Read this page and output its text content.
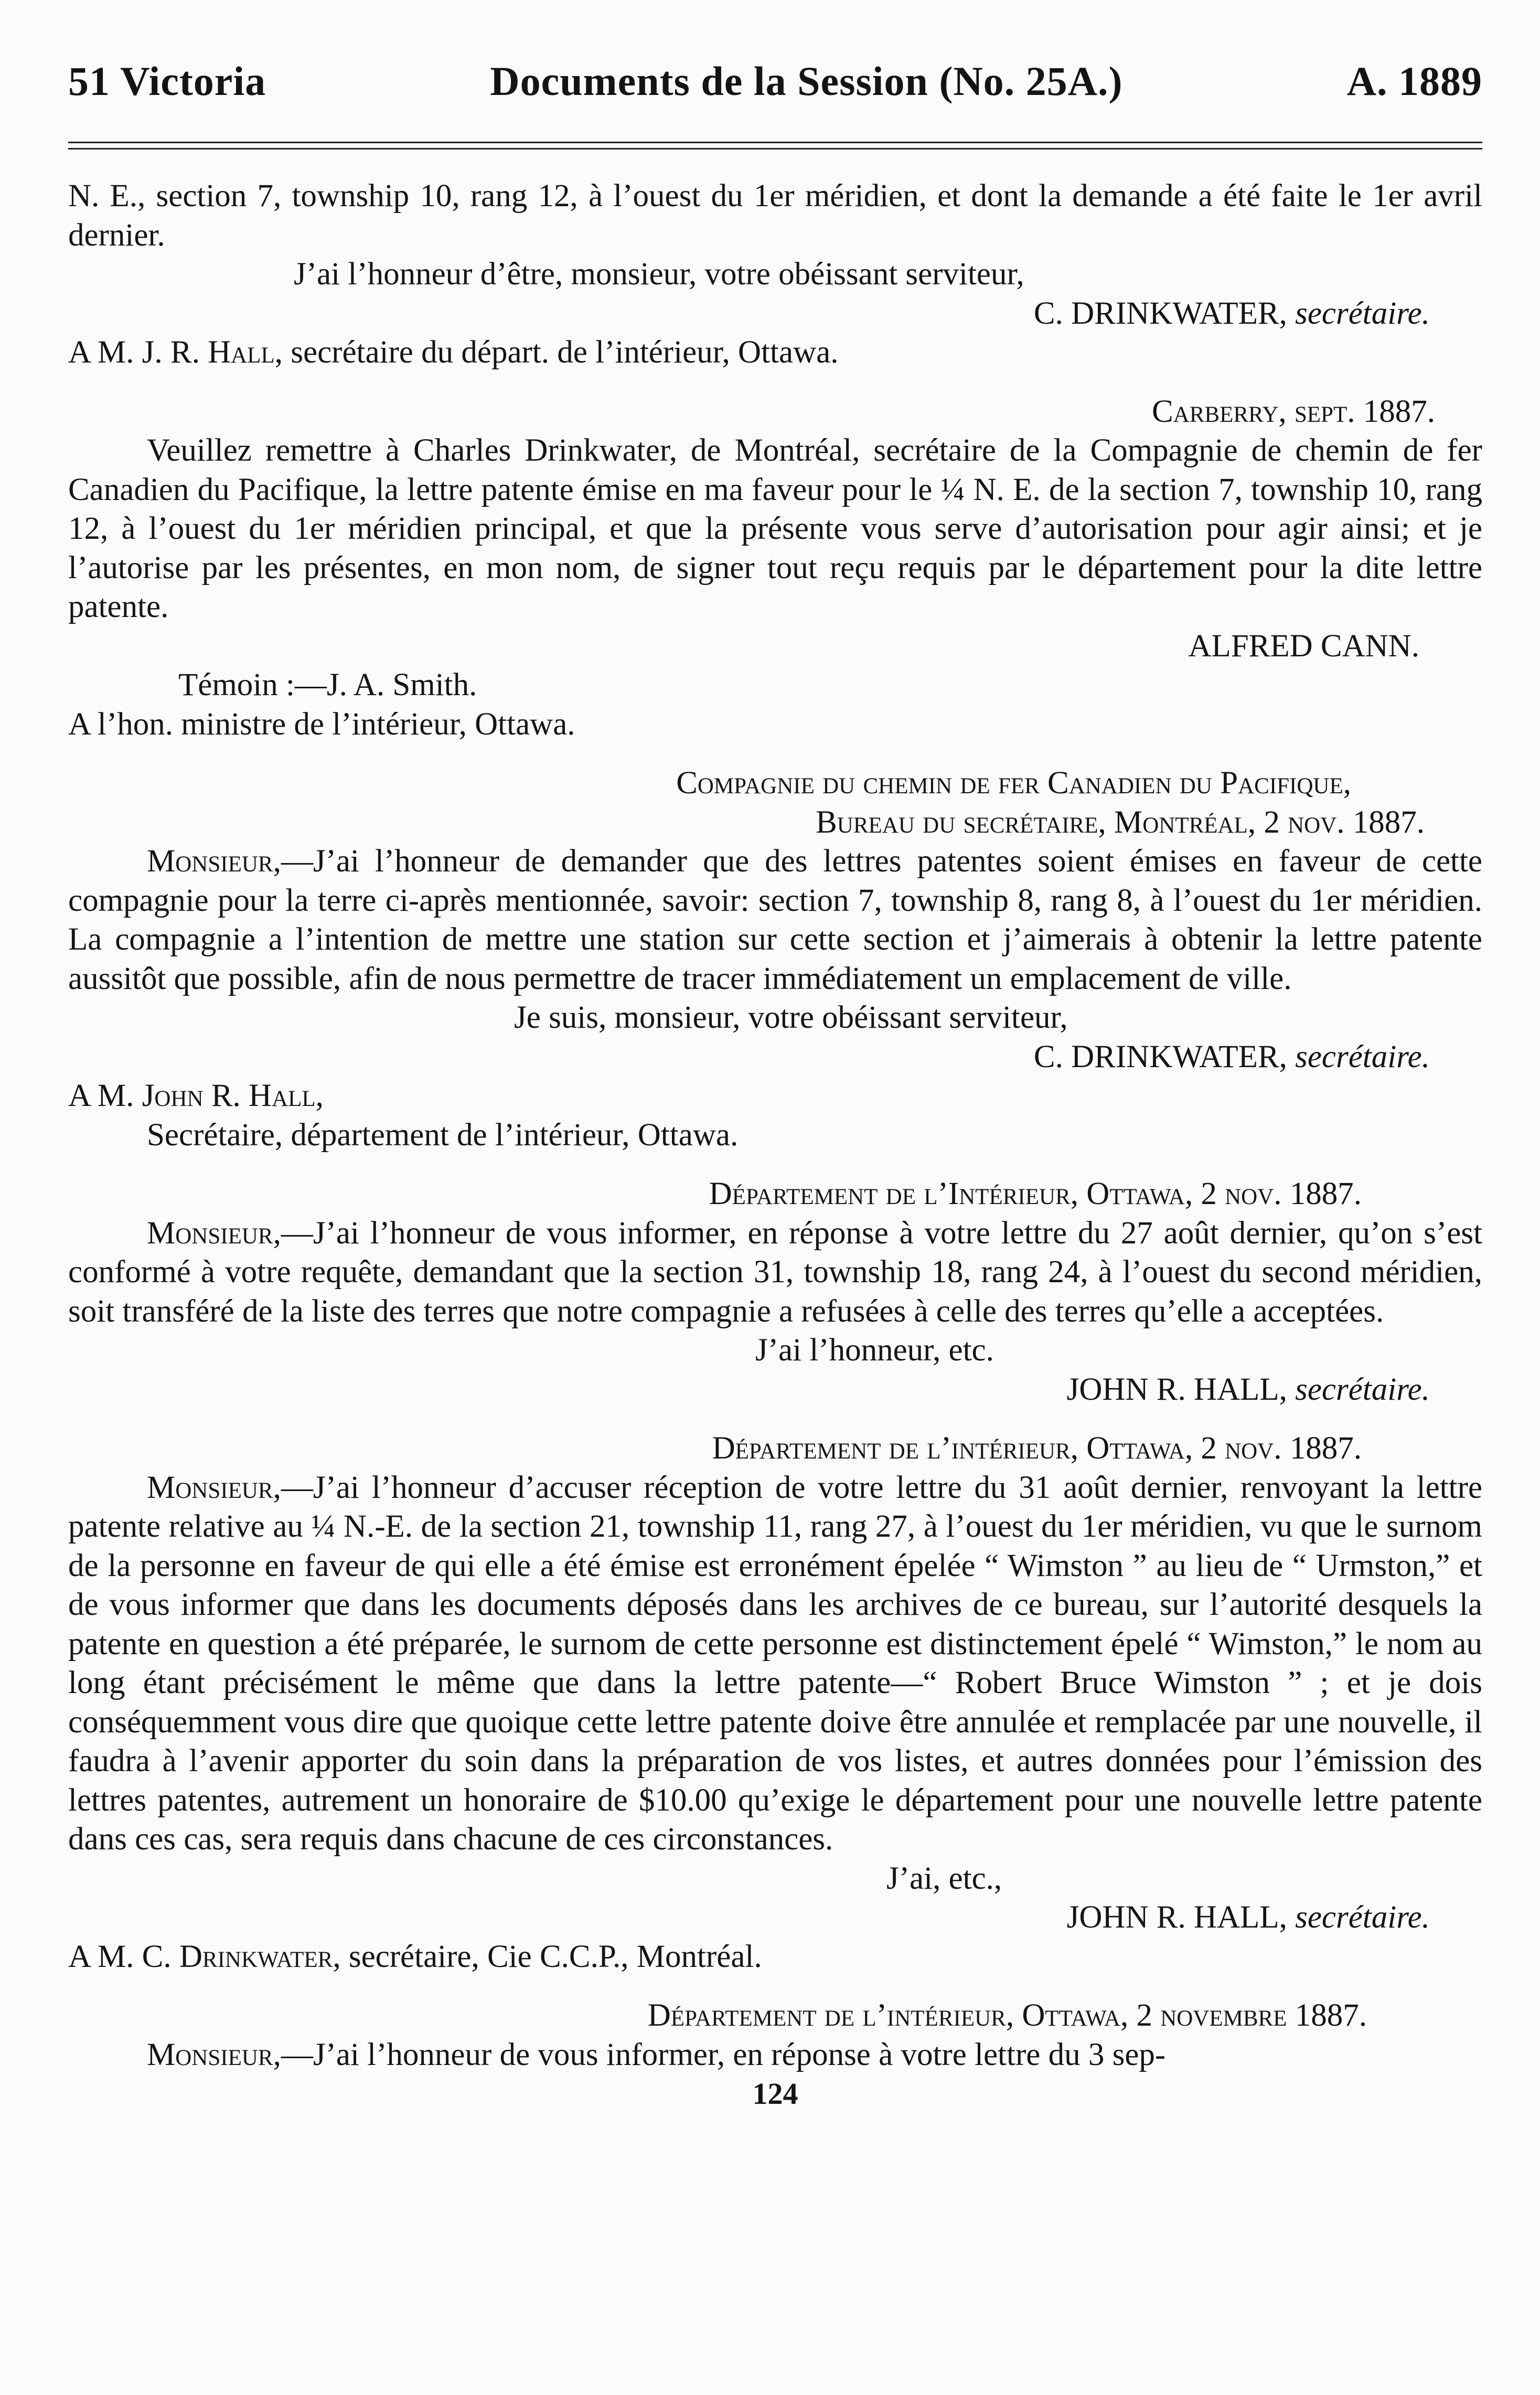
51 Victoria	Documents de la Session (No. 25A.)	A. 1889

N. E., section 7, township 10, rang 12, à l’ouest du 1er méridien, et dont la demande a été faite le 1er avril dernier.

J’ai l’honneur d’être, monsieur, votre obéissant serviteur,

C. DRINKWATER, secrétaire.

A M. J. R. Hall, secrétaire du départ. de l’intérieur, Ottawa.

Carberry, sept. 1887.

Veuillez remettre à Charles Drinkwater, de Montréal, secrétaire de la Compagnie de chemin de fer Canadien du Pacifique, la lettre patente émise en ma faveur pour le ¼ N. E. de la section 7, township 10, rang 12, à l’ouest du 1er méridien principal, et que la présente vous serve d’autorisation pour agir ainsi; et je l’autorise par les présentes, en mon nom, de signer tout reçu requis par le département pour la dite lettre patente.

ALFRED CANN.

Témoin :—J. A. Smith.

A l’hon. ministre de l’intérieur, Ottawa.

Compagnie du chemin de fer Canadien du Pacifique,

Bureau du secrétaire, Montréal, 2 nov. 1887.

Monsieur,—J’ai l’honneur de demander que des lettres patentes soient émises en faveur de cette compagnie pour la terre ci-après mentionnée, savoir: section 7, township 8, rang 8, à l’ouest du 1er méridien. La compagnie a l’intention de mettre une station sur cette section et j’aimerais à obtenir la lettre patente aussitôt que possible, afin de nous permettre de tracer immédiatement un emplacement de ville.

Je suis, monsieur, votre obéissant serviteur,

C. DRINKWATER, secrétaire.

A M. John R. Hall,

Secrétaire, département de l’intérieur, Ottawa.

Département de l’Intérieur, Ottawa, 2 nov. 1887.

Monsieur,—J’ai l’honneur de vous informer, en réponse à votre lettre du 27 août dernier, qu’on s’est conformé à votre requête, demandant que la section 31, township 18, rang 24, à l’ouest du second méridien, soit transféré de la liste des terres que notre compagnie a refusées à celle des terres qu’elle a acceptées.

J’ai l’honneur, etc.

JOHN R. HALL, secrétaire.

Département de l’intérieur, Ottawa, 2 nov. 1887.

Monsieur,—J’ai l’honneur d’accuser réception de votre lettre du 31 août dernier, renvoyant la lettre patente relative au ¼ N.-E. de la section 21, township 11, rang 27, à l’ouest du 1er méridien, vu que le surnom de la personne en faveur de qui elle a été émise est erronément épelée “ Wimston ” au lieu de “ Urmston,” et de vous informer que dans les documents déposés dans les archives de ce bureau, sur l’autorité desquels la patente en question a été préparée, le surnom de cette personne est distinctement épelé “ Wimston,” le nom au long étant précisément le même que dans la lettre patente—“ Robert Bruce Wimston ” ; et je dois conséquemment vous dire que quoique cette lettre patente doive être annulée et remplacée par une nouvelle, il faudra à l’avenir apporter du soin dans la préparation de vos listes, et autres données pour l’émission des lettres patentes, autrement un honoraire de $10.00 qu’exige le département pour une nouvelle lettre patente dans ces cas, sera requis dans chacune de ces circonstances.

J’ai, etc.,

JOHN R. HALL, secrétaire.

A M. C. Drinkwater, secrétaire, Cie C.C.P., Montréal.

Département de l’intérieur, Ottawa, 2 novembre 1887.

Monsieur,—J’ai l’honneur de vous informer, en réponse à votre lettre du 3 sep-

124
